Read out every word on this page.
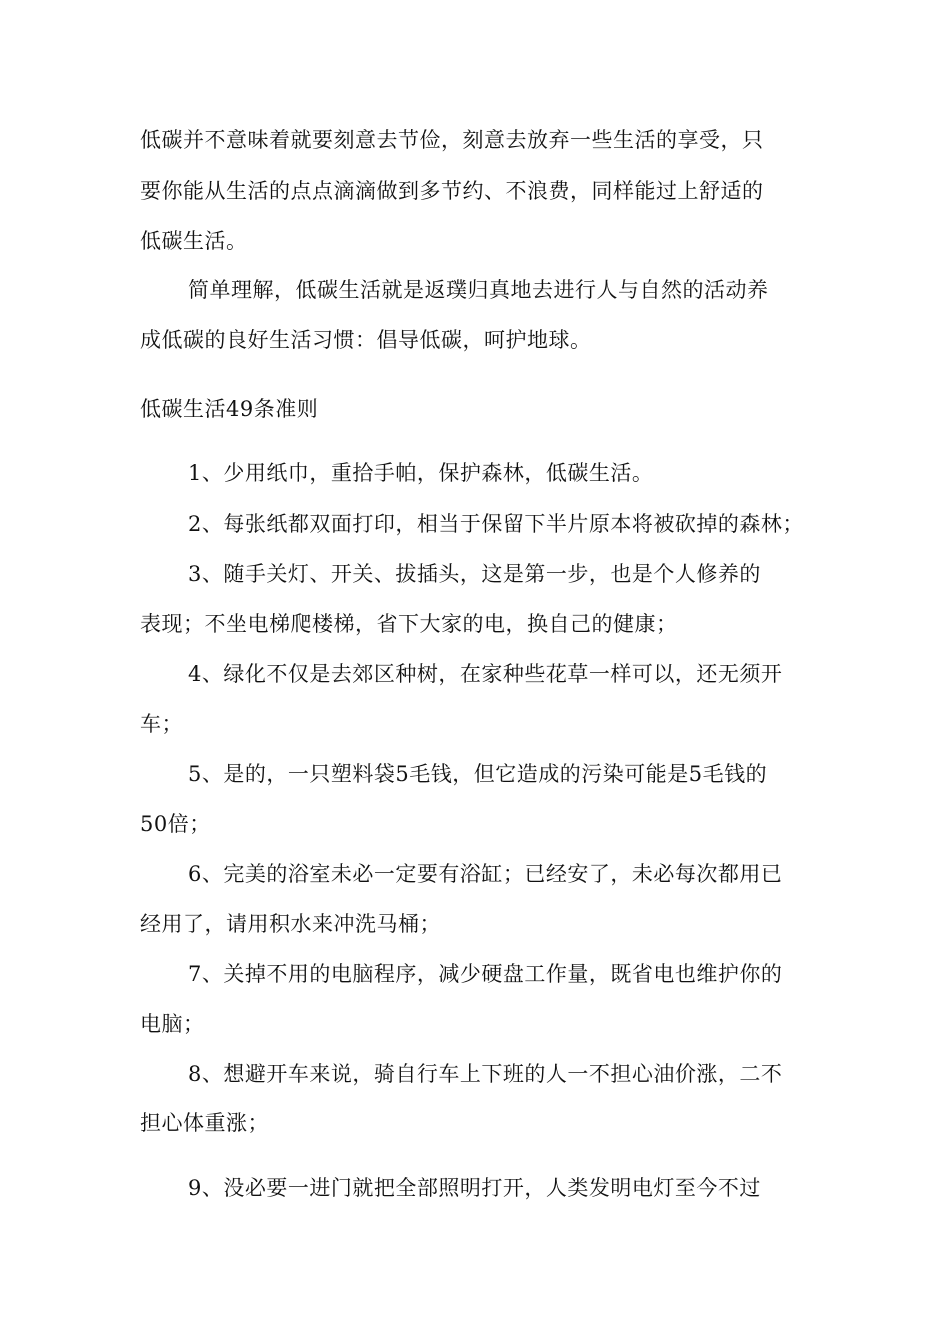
低碳并不意味着就要刻意去节俭，刻意去放弃一些生活的享受，只
要你能从生活的点点滴滴做到多节约、不浪费，同样能过上舒适的
低碳生活。
简单理解，低碳生活就是返璞归真地去进行人与自然的活动养
成低碳的良好生活习惯：倡导低碳，呵护地球。
低碳生活49条准则
1、少用纸巾，重拾手帕，保护森林，低碳生活。
2、每张纸都双面打印，相当于保留下半片原本将被砍掉的森林；
3、随手关灯、开关、拔插头，这是第一步，也是个人修养的
表现；不坐电梯爬楼梯，省下大家的电，换自己的健康；
4、绿化不仅是去郊区种树，在家种些花草一样可以，还无须开
车；
5、是的，一只塑料袋5毛钱，但它造成的污染可能是5毛钱的
50倍；
6、完美的浴室未必一定要有浴缸；已经安了，未必每次都用已
经用了，请用积水来冲洗马桶；
7、关掉不用的电脑程序，减少硬盘工作量，既省电也维护你的
电脑；
8、想避开车来说，骑自行车上下班的人一不担心油价涨，二不
担心体重涨；
9、没必要一进门就把全部照明打开，人类发明电灯至今不过
